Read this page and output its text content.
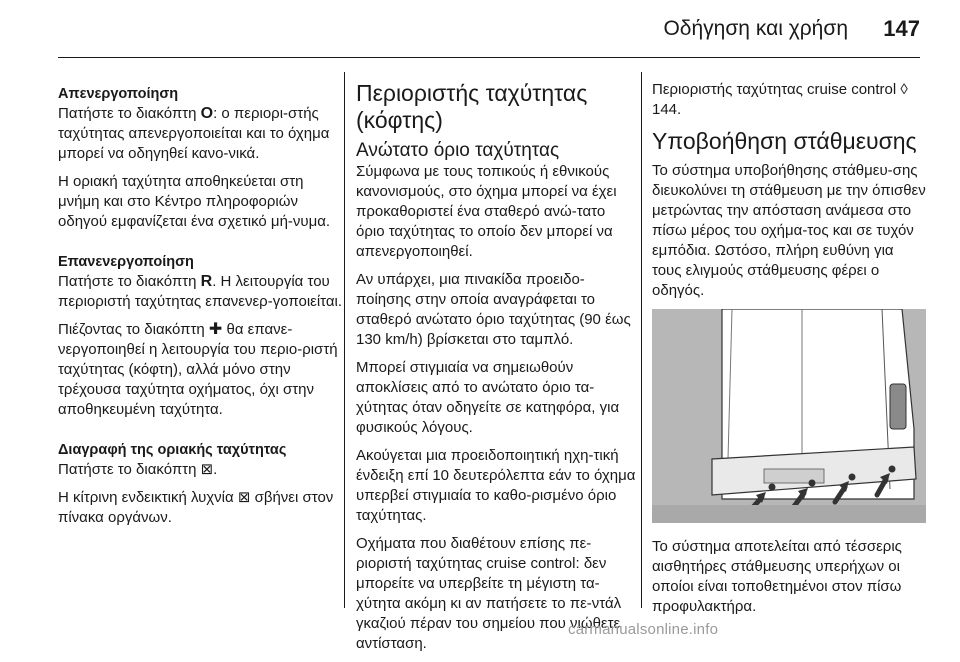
Οδήγηση και χρήση 147
Απενεργοποίηση

Πατήστε το διακόπτη O: ο περιορι-στής ταχύτητας απενεργοποιείται και το όχημα μπορεί να οδηγηθεί κανο-νικά.

Η οριακή ταχύτητα αποθηκεύεται στη μνήμη και στο Κέντρο πληροφοριών οδηγού εμφανίζεται ένα σχετικό μή-νυμα.

Επανενεργοποίηση

Πατήστε το διακόπτη R. Η λειτουργία του περιοριστή ταχύτητας επανενερ-γοποιείται.

Πιέζοντας το διακόπτη ✚ θα επανε-νεργοποιηθεί η λειτουργία του περιο-ριστή ταχύτητας (κόφτη), αλλά μόνο στην τρέχουσα ταχύτητα οχήματος, όχι στην αποθηκευμένη ταχύτητα.

Διαγραφή της οριακής ταχύτητας

Πατήστε το διακόπτη ⊠.

Η κίτρινη ενδεικτική λυχνία ⊠ σβήνει στον πίνακα οργάνων.

Περιοριστής ταχύτητας (κόφτης)
Ανώτατο όριο ταχύτητας

Σύμφωνα με τους τοπικούς ή εθνικούς κανονισμούς, στο όχημα μπορεί να έχει προκαθοριστεί ένα σταθερό ανώ-τατο όριο ταχύτητας το οποίο δεν μπορεί να απενεργοποιηθεί.

Αν υπάρχει, μια πινακίδα προειδο-ποίησης στην οποία αναγράφεται το σταθερό ανώτατο όριο ταχύτητας (90 έως 130 km/h) βρίσκεται στο ταμπλό.

Μπορεί στιγμιαία να σημειωθούν αποκλίσεις από το ανώτατο όριο τα-χύτητας όταν οδηγείτε σε κατηφόρα, για φυσικούς λόγους.

Ακούγεται μια προειδοποιητική ηχη-τική ένδειξη επί 10 δευτερόλεπτα εάν το όχημα υπερβεί στιγμιαία το καθο-ρισμένο όριο ταχύτητας.

Οχήματα που διαθέτουν επίσης πε-ριοριστή ταχύτητας cruise control: δεν μπορείτε να υπερβείτε τη μέγιστη τα-χύτητα ακόμη κι αν πατήσετε το πε-ντάλ γκαζιού πέραν του σημείου που νιώθετε αντίσταση.

Περιοριστής ταχύτητας cruise control ◊ 144.

Υποβοήθηση στάθμευσης

Το σύστημα υποβοήθησης στάθμευ-σης διευκολύνει τη στάθμευση με την όπισθεν μετρώντας την απόσταση ανάμεσα στο πίσω μέρος του οχήμα-τος και σε τυχόν εμπόδια. Ωστόσο, πλήρη ευθύνη για τους ελιγμούς στάθμευσης φέρει ο οδηγός.

Το σύστημα αποτελείται από τέσσερις αισθητήρες στάθμευσης υπερήχων οι οποίοι είναι τοποθετημένοι στον πίσω προφυλακτήρα.

carmanualsonline.info
